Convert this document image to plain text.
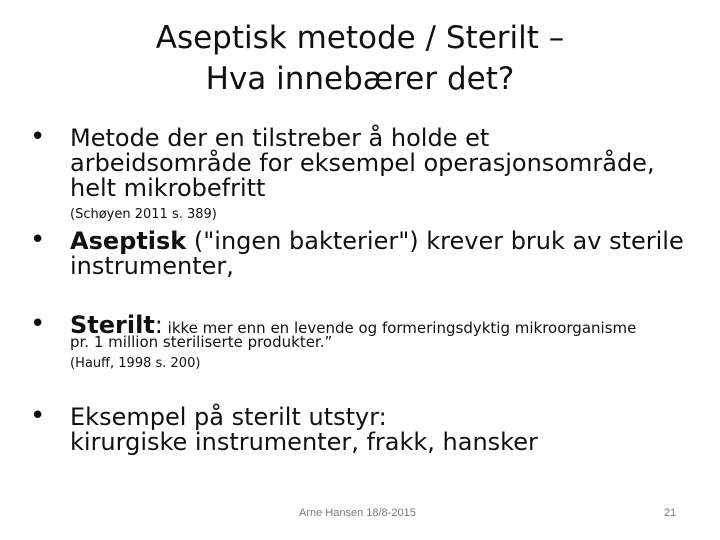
Aseptisk metode / Sterilt –
Hva innebærer det?
• Metode der en tilstreber å holde et
arbeidsområde for eksempel operasjonsområde,
helt mikrobefritt
(Schøyen 2011 s. 389)
• Aseptisk ("ingen bakterier") krever bruk av sterile
instrumenter,
• Sterilt: ikke mer enn en levende og formeringsdyktig mikroorganisme
pr. 1 million steriliserte produkter.”
(Hauff, 1998 s. 200)
• Eksempel på sterilt utstyr:
kirurgiske instrumenter, frakk, hansker
Arne Hansen 18/8-2015	21
